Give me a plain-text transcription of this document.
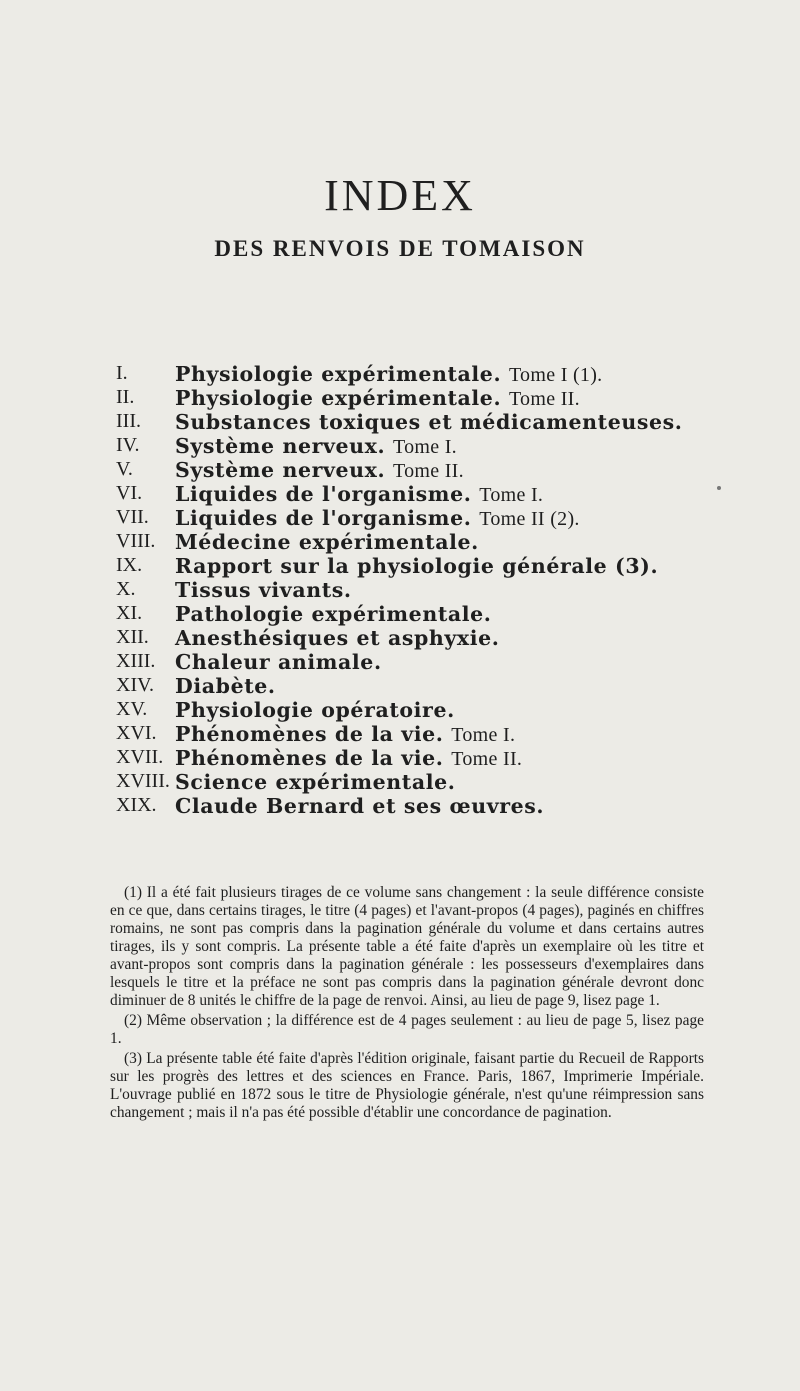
INDEX
DES RENVOIS DE TOMAISON
I. Physiologie expérimentale. Tome I (1).
II. Physiologie expérimentale. Tome II.
III. Substances toxiques et médicamenteuses.
IV. Système nerveux. Tome I.
V. Système nerveux. Tome II.
VI. Liquides de l'organisme. Tome I.
VII. Liquides de l'organisme. Tome II (2).
VIII. Médecine expérimentale.
IX. Rapport sur la physiologie générale (3).
X. Tissus vivants.
XI. Pathologie expérimentale.
XII. Anesthésiques et asphyxie.
XIII. Chaleur animale.
XIV. Diabète.
XV. Physiologie opératoire.
XVI. Phénomènes de la vie. Tome I.
XVII. Phénomènes de la vie. Tome II.
XVIII. Science expérimentale.
XIX. Claude Bernard et ses œuvres.

(1) Il a été fait plusieurs tirages de ce volume sans changement : la seule différence consiste en ce que, dans certains tirages, le titre (4 pages) et l'avant-propos (4 pages), paginés en chiffres romains, ne sont pas compris dans la pagination générale du volume et dans certains autres tirages, ils y sont compris. La présente table a été faite d'après un exemplaire où les titre et avant-propos sont compris dans la pagination générale : les possesseurs d'exemplaires dans lesquels le titre et la préface ne sont pas compris dans la pagination générale devront donc diminuer de 8 unités le chiffre de la page de renvoi. Ainsi, au lieu de page 9, lisez page 1.

(2) Même observation ; la différence est de 4 pages seulement : au lieu de page 5, lisez page 1.

(3) La présente table été faite d'après l'édition originale, faisant partie du Recueil de Rapports sur les progrès des lettres et des sciences en France. Paris, 1867, Imprimerie Impériale. L'ouvrage publié en 1872 sous le titre de Physiologie générale, n'est qu'une réimpression sans changement ; mais il n'a pas été possible d'établir une concordance de pagination.
